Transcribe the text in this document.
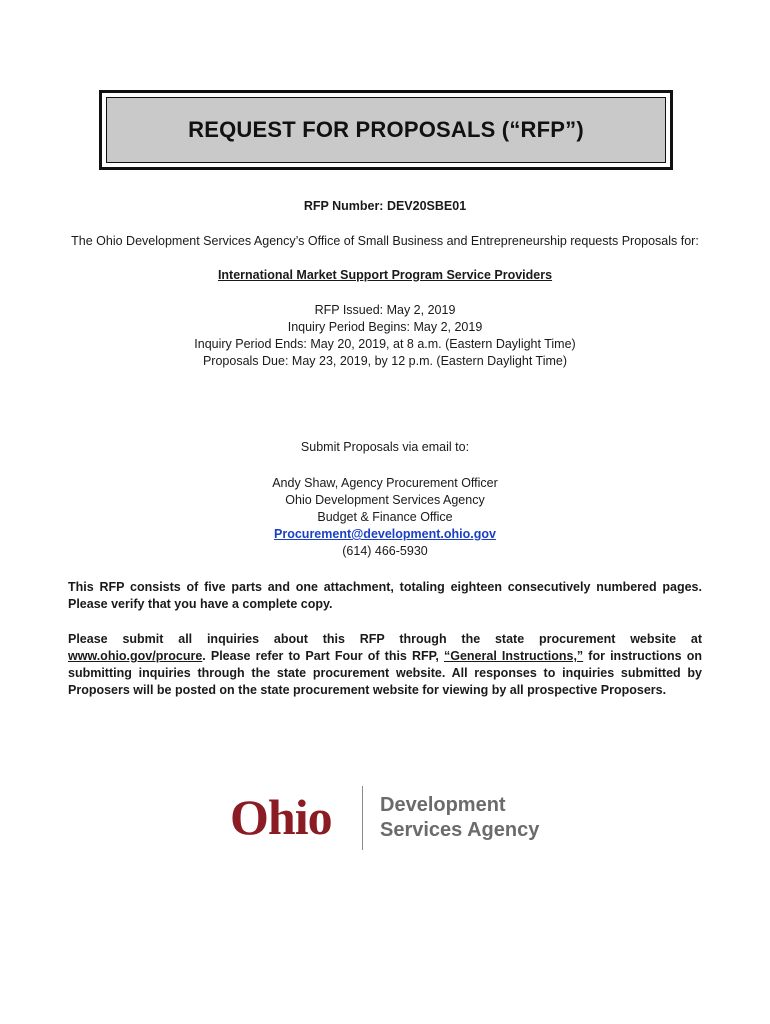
REQUEST FOR PROPOSALS (“RFP”)
RFP Number: DEV20SBE01
The Ohio Development Services Agency’s Office of Small Business and Entrepreneurship requests Proposals for:
International Market Support Program Service Providers
RFP Issued: May 2, 2019
Inquiry Period Begins: May 2, 2019
Inquiry Period Ends: May 20, 2019, at 8 a.m. (Eastern Daylight Time)
Proposals Due: May 23, 2019, by 12 p.m. (Eastern Daylight Time)
Submit Proposals via email to:
Andy Shaw, Agency Procurement Officer
Ohio Development Services Agency
Budget & Finance Office
Procurement@development.ohio.gov
(614) 466-5930
This RFP consists of five parts and one attachment, totaling eighteen consecutively numbered pages. Please verify that you have a complete copy.
Please submit all inquiries about this RFP through the state procurement website at www.ohio.gov/procure. Please refer to Part Four of this RFP, “General Instructions,” for instructions on submitting inquiries through the state procurement website. All responses to inquiries submitted by Proposers will be posted on the state procurement website for viewing by all prospective Proposers.
Ohio Development
Services Agency
